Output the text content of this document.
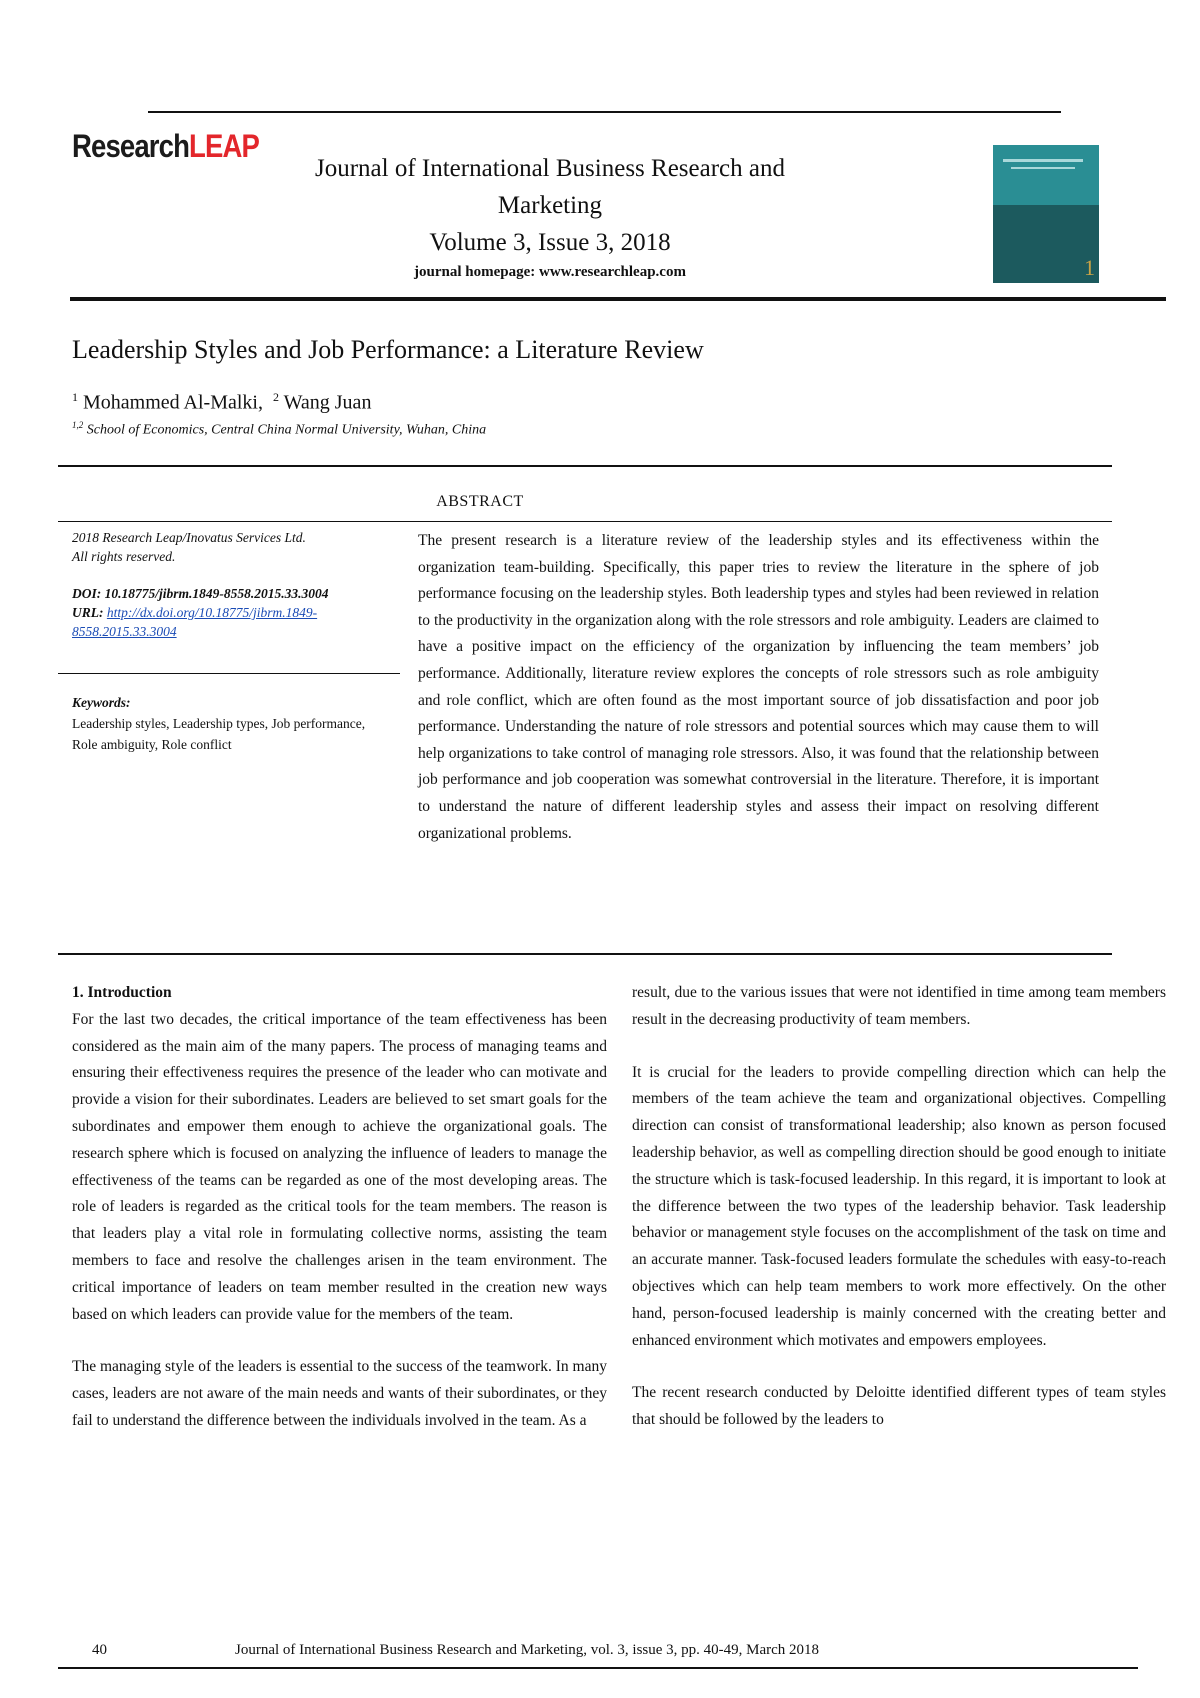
ResearchLEAP
Journal of International Business Research and Marketing
Volume 3, Issue 3, 2018
journal homepage: www.researchleap.com	1
Leadership Styles and Job Performance: a Literature Review
$^1$ Mohammed Al-Malki, $^2$ Wang Juan
$^{1,2}$ School of Economics, Central China Normal University, Wuhan, China
ABSTRACT
2018 Research Leap/Inovatus Services Ltd.
All rights reserved.
DOI: 10.18775/jibrm.1849-8558.2015.33.3004
URL: http://dx.doi.org/10.18775/jibrm.1849-8558.2015.33.3004
Keywords:
Leadership styles, Leadership types, Job performance, Role ambiguity, Role conflict
The present research is a literature review of the leadership styles and its effectiveness within the organization team-building. Specifically, this paper tries to review the literature in the sphere of job performance focusing on the leadership styles. Both leadership types and styles had been reviewed in relation to the productivity in the organization along with the role stressors and role ambiguity. Leaders are claimed to have a positive impact on the efficiency of the organization by influencing the team members’ job performance. Additionally, literature review explores the concepts of role stressors such as role ambiguity and role conflict, which are often found as the most important source of job dissatisfaction and poor job performance. Understanding the nature of role stressors and potential sources which may cause them to will help organizations to take control of managing role stressors. Also, it was found that the relationship between job performance and job cooperation was somewhat controversial in the literature. Therefore, it is important to understand the nature of different leadership styles and assess their impact on resolving different organizational problems.
1. Introduction

For the last two decades, the critical importance of the team effectiveness has been considered as the main aim of the many papers. The process of managing teams and ensuring their effectiveness requires the presence of the leader who can motivate and provide a vision for their subordinates. Leaders are believed to set smart goals for the subordinates and empower them enough to achieve the organizational goals. The research sphere which is focused on analyzing the influence of leaders to manage the effectiveness of the teams can be regarded as one of the most developing areas. The role of leaders is regarded as the critical tools for the team members. The reason is that leaders play a vital role in formulating collective norms, assisting the team members to face and resolve the challenges arisen in the team environment. The critical importance of leaders on team member resulted in the creation new ways based on which leaders can provide value for the members of the team.

The managing style of the leaders is essential to the success of the teamwork. In many cases, leaders are not aware of the main needs and wants of their subordinates, or they fail to understand the difference between the individuals involved in the team. As a

result, due to the various issues that were not identified in time among team members result in the decreasing productivity of team members.

It is crucial for the leaders to provide compelling direction which can help the members of the team achieve the team and organizational objectives. Compelling direction can consist of transformational leadership; also known as person focused leadership behavior, as well as compelling direction should be good enough to initiate the structure which is task-focused leadership. In this regard, it is important to look at the difference between the two types of the leadership behavior. Task leadership behavior or management style focuses on the accomplishment of the task on time and an accurate manner. Task-focused leaders formulate the schedules with easy-to-reach objectives which can help team members to work more effectively. On the other hand, person-focused leadership is mainly concerned with the creating better and enhanced environment which motivates and empowers employees.

The recent research conducted by Deloitte identified different types of team styles that should be followed by the leaders to

40	Journal of International Business Research and Marketing, vol. 3, issue 3, pp. 40-49, March 2018
